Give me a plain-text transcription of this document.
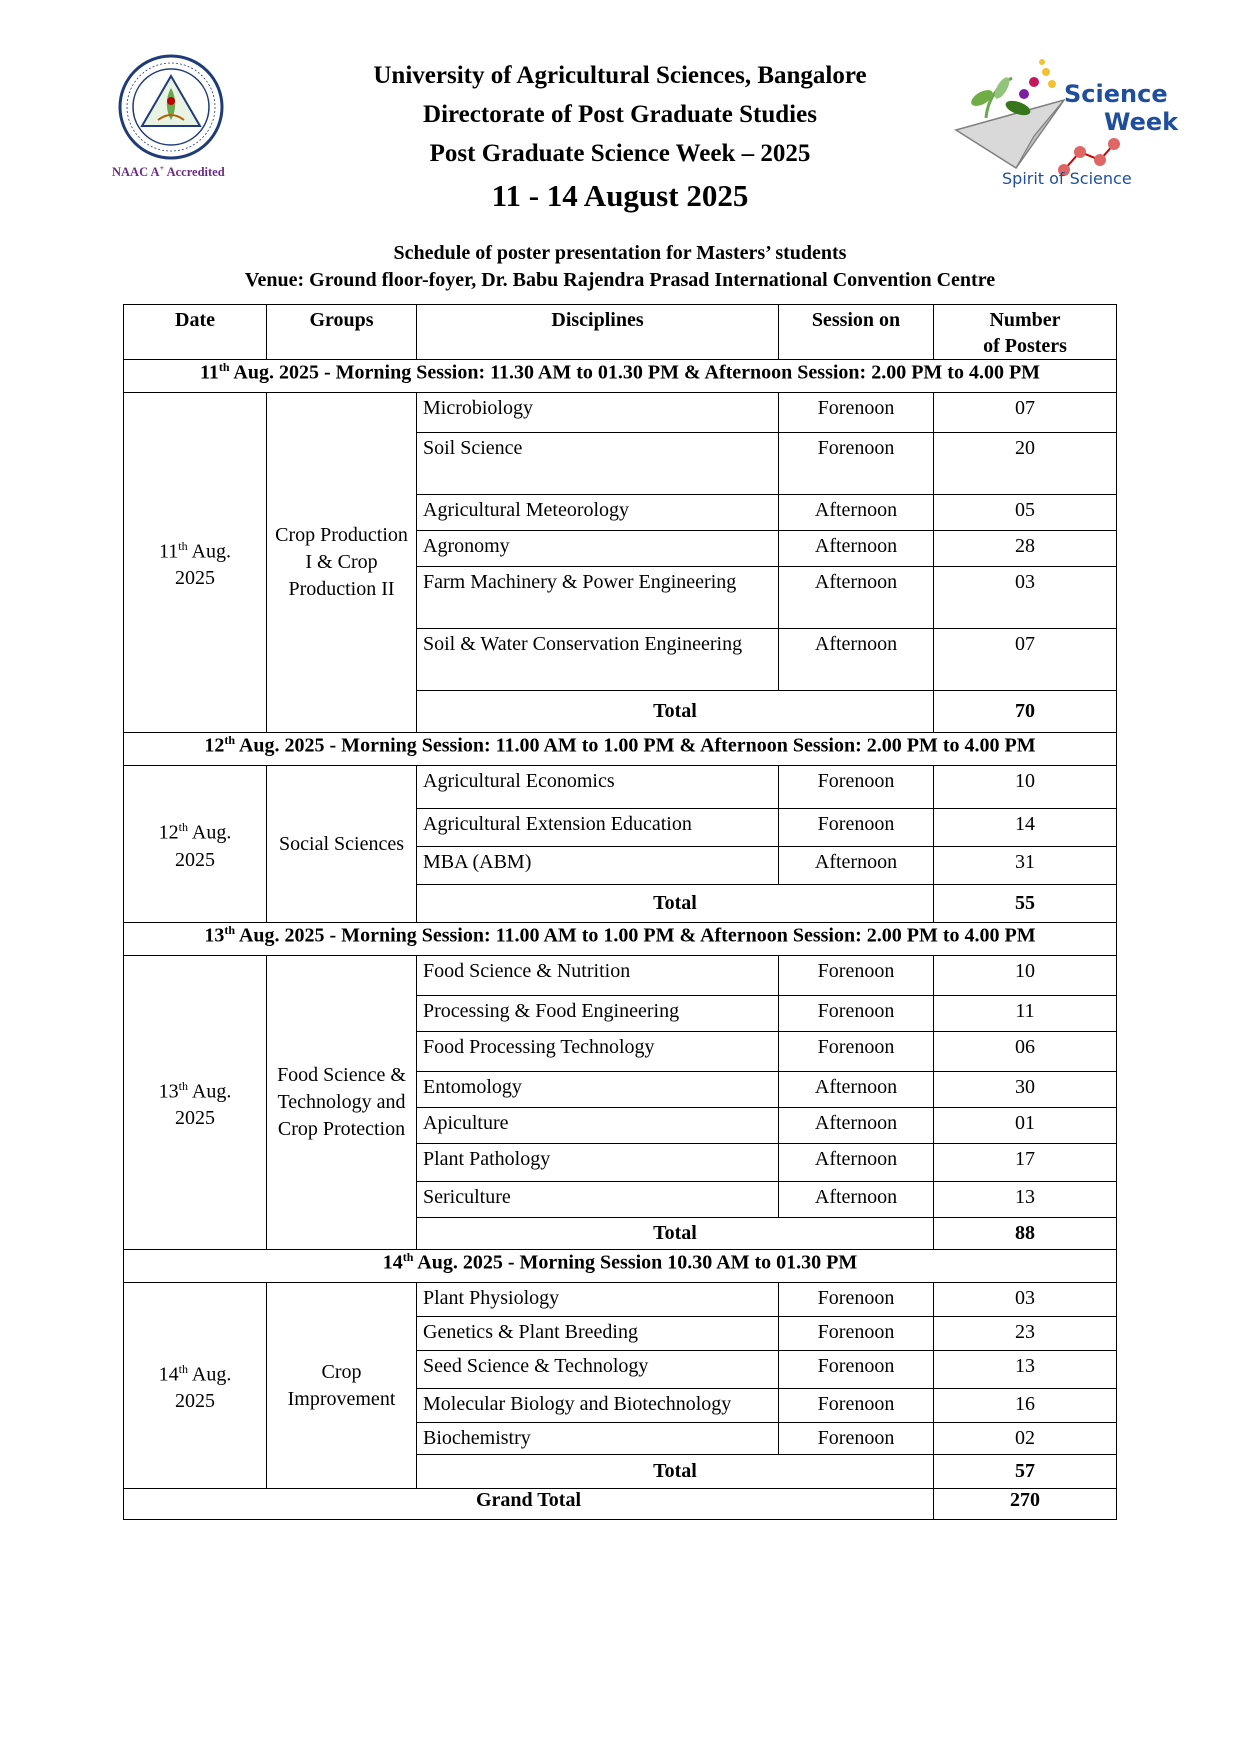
NAAC A+ Accredited
University of Agricultural Sciences, Bangalore
Directorate of Post Graduate Studies
Post Graduate Science Week – 2025
11 - 14 August 2025
Science
Week
Spirit of Science
Schedule of poster presentation for Masters’ students
Venue: Ground floor-foyer, Dr. Babu Rajendra Prasad International Convention Centre
Date	Groups	Disciplines	Session on	Number
of Posters
11th Aug. 2025 - Morning Session: 11.30 AM to 01.30 PM & Afternoon Session: 2.00 PM to 4.00 PM				
11th Aug.
2025	Crop Production I & Crop Production II	Microbiology	Forenoon	07
		Soil Science	Forenoon	20
		Agricultural Meteorology	Afternoon	05
		Agronomy	Afternoon	28
		Farm Machinery & Power Engineering	Afternoon	03
		Soil & Water Conservation Engineering	Afternoon	07
		Total		70
12th Aug. 2025 - Morning Session: 11.00 AM to 1.00 PM & Afternoon Session: 2.00 PM to 4.00 PM				
12th Aug.
2025	Social Sciences	Agricultural Economics	Forenoon	10
		Agricultural Extension Education	Forenoon	14
		MBA (ABM)	Afternoon	31
		Total		55
13th Aug. 2025 - Morning Session: 11.00 AM to 1.00 PM & Afternoon Session: 2.00 PM to 4.00 PM				
13th Aug.
2025	Food Science & Technology and Crop Protection	Food Science & Nutrition	Forenoon	10
		Processing & Food Engineering	Forenoon	11
		Food Processing Technology	Forenoon	06
		Entomology	Afternoon	30
		Apiculture	Afternoon	01
		Plant Pathology	Afternoon	17
		Sericulture	Afternoon	13
		Total		88
14th Aug. 2025 - Morning Session 10.30 AM to 01.30 PM				
14th Aug.
2025	Crop Improvement	Plant Physiology	Forenoon	03
		Genetics & Plant Breeding	Forenoon	23
		Seed Science & Technology	Forenoon	13
		Molecular Biology and Biotechnology	Forenoon	16
		Biochemistry	Forenoon	02
		Total		57
Grand Total				270
